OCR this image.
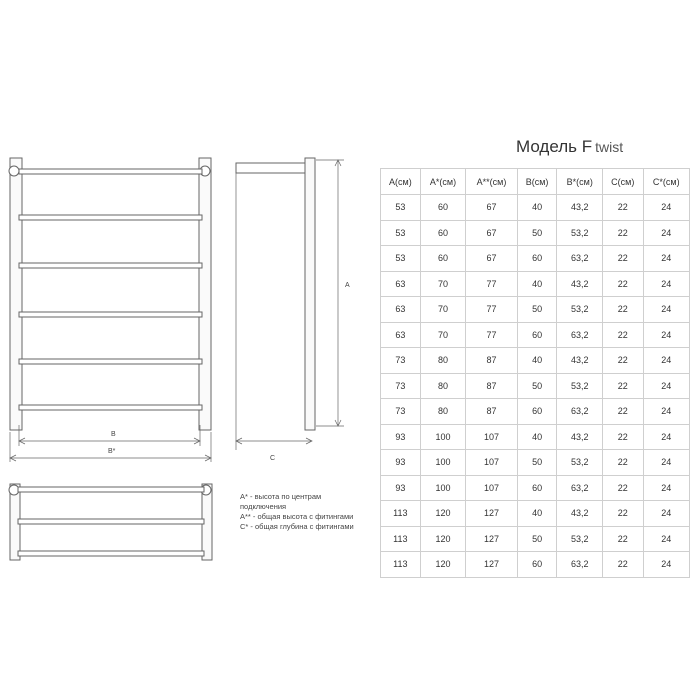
A
B
B*
C
Модель F twist
A* - высота по центрам подключения
A** - общая высота с фитингами
C* - общая глубина с фитингами
A(см)	A*(см)	A**(см)	B(см)	B*(см)	C(см)	C*(см)
53	60	67	40	43,2	22	24
53	60	67	50	53,2	22	24
53	60	67	60	63,2	22	24
63	70	77	40	43,2	22	24
63	70	77	50	53,2	22	24
63	70	77	60	63,2	22	24
73	80	87	40	43,2	22	24
73	80	87	50	53,2	22	24
73	80	87	60	63,2	22	24
93	100	107	40	43,2	22	24
93	100	107	50	53,2	22	24
93	100	107	60	63,2	22	24
113	120	127	40	43,2	22	24
113	120	127	50	53,2	22	24
113	120	127	60	63,2	22	24
